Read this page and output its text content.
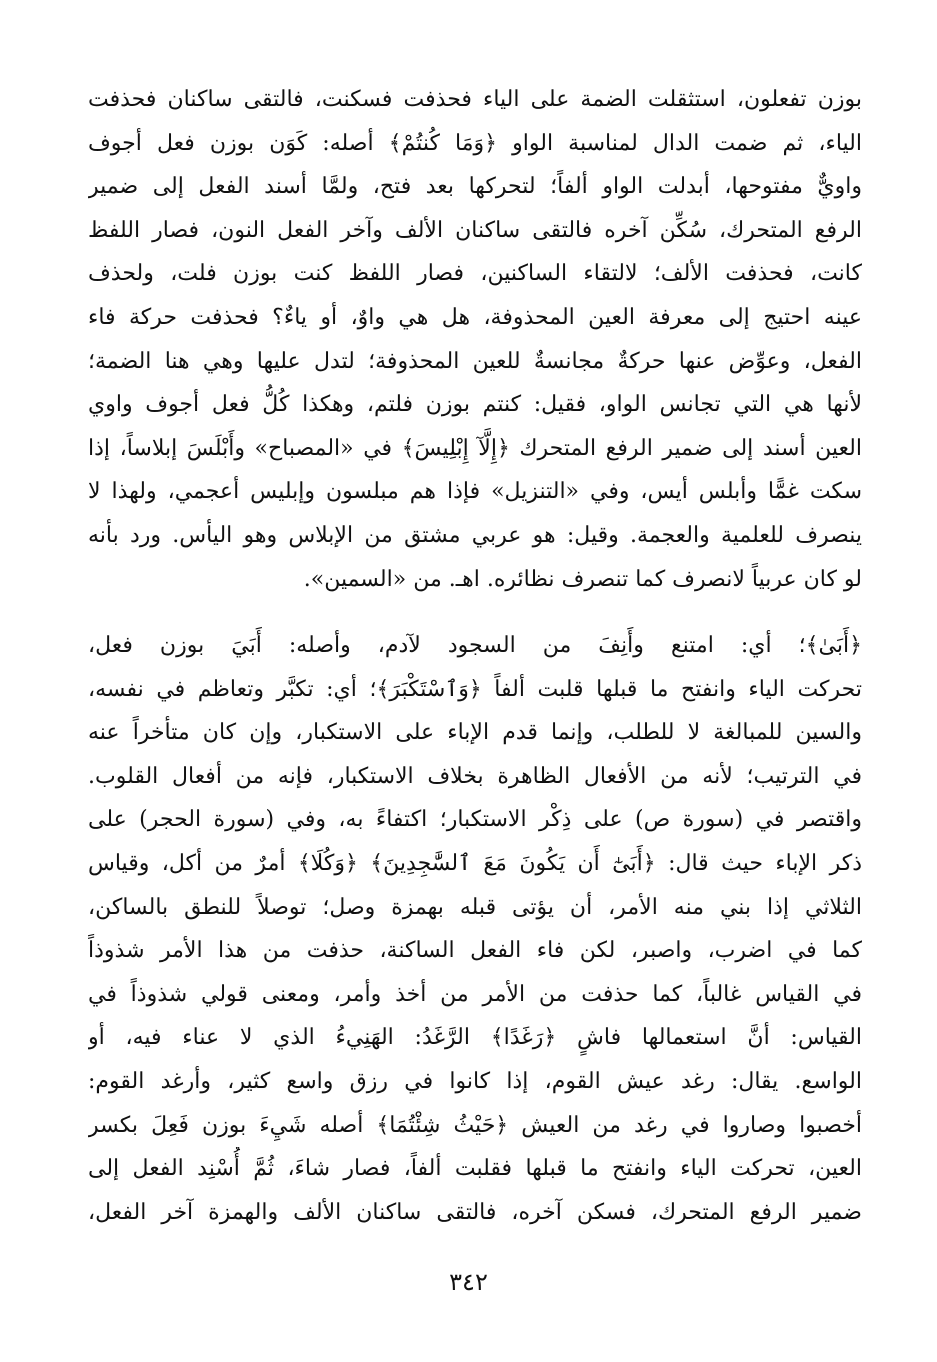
بوزن تفعلون، استثقلت الضمة على الياء فحذفت فسكنت، فالتقى ساكنان فحذفت
الياء، ثم ضمت الدال لمناسبة الواو ﴿وَمَا كُنتُمْ﴾ أصله: كَوَن بوزن فعل أجوف
واويٌّ مفتوحها، أبدلت الواو ألفاً؛ لتحركها بعد فتح، ولمَّا أسند الفعل إلى ضمير
الرفع المتحرك، سُكِّن آخره فالتقى ساكنان الألف وآخر الفعل النون، فصار اللفظ
كانت، فحذفت الألف؛ لالتقاء الساكنين، فصار اللفظ كنت بوزن فلت، ولحذف
عينه احتيج إلى معرفة العين المحذوفة، هل هي واوٌ، أو ياءٌ؟ فحذفت حركة فاء
الفعل، وعوِّض عنها حركةٌ مجانسةٌ للعين المحذوفة؛ لتدل عليها وهي هنا الضمة؛
لأنها هي التي تجانس الواو، فقيل: كنتم بوزن فلتم، وهكذا كُلُّ فعل أجوف واوي
العين أسند إلى ضمير الرفع المتحرك ﴿إِلَّآ إِبْلِيسَ﴾ في «المصباح» وأَبْلَسَ إبلاساً، إذا
سكت غمًّا وأبلس أيس، وفي «التنزيل» فإذا هم مبلسون وإبليس أعجمي، ولهذا لا
ينصرف للعلمية والعجمة. وقيل: هو عربي مشتق من الإبلاس وهو اليأس. ورد بأنه
لو كان عربياً لانصرف كما تنصرف نظائره. اهـ. من «السمين».
﴿أَبَىٰ﴾؛ أي: امتنع وأَنِفَ من السجود لآدم، وأصله: أَبَيَ بوزن فعل،
تحركت الياء وانفتح ما قبلها قلبت ألفاً ﴿وَٱسْتَكْبَرَ﴾؛ أي: تكبَّر وتعاظم في نفسه،
والسين للمبالغة لا للطلب، وإنما قدم الإباء على الاستكبار، وإن كان متأخراً عنه
في الترتيب؛ لأنه من الأفعال الظاهرة بخلاف الاستكبار، فإنه من أفعال القلوب.
واقتصر في (سورة ص) على ذِكْر الاستكبار؛ اكتفاءً به، وفي (سورة الحجر) على
ذكر الإباء حيث قال: ﴿أَبَىٰٓ أَن يَكُونَ مَعَ ٱلسَّٰجِدِينَ﴾ ﴿وَكُلَا﴾ أمرٌ من أكل، وقياس
الثلاثي إذا بني منه الأمر، أن يؤتى قبله بهمزة وصل؛ توصلاً للنطق بالساكن،
كما في اضرب، واصبر، لكن فاء الفعل الساكنة، حذفت من هذا الأمر شذوذاً
في القياس غالباً، كما حذفت من الأمر من أخذ وأمر، ومعنى قولي شذوذاً في
القياس: أنَّ استعمالها فاشٍ ﴿رَغَدًا﴾ الرَّغَدُ: الهَنِيءُ الذي لا عناء فيه، أو
الواسع. يقال: رغد عيش القوم، إذا كانوا في رزق واسع كثير، وأرغد القوم:
أخصبوا وصاروا في رغد من العيش ﴿حَيْثُ شِئْتُمَا﴾ أصله شَيِءَ بوزن فَعِلَ بكسر
العين، تحركت الياء وانفتح ما قبلها فقلبت ألفاً، فصار شاءَ، ثُمَّ أُسْنِد الفعل إلى
ضمير الرفع المتحرك، فسكن آخره، فالتقى ساكنان الألف والهمزة آخر الفعل،
٣٤٢
